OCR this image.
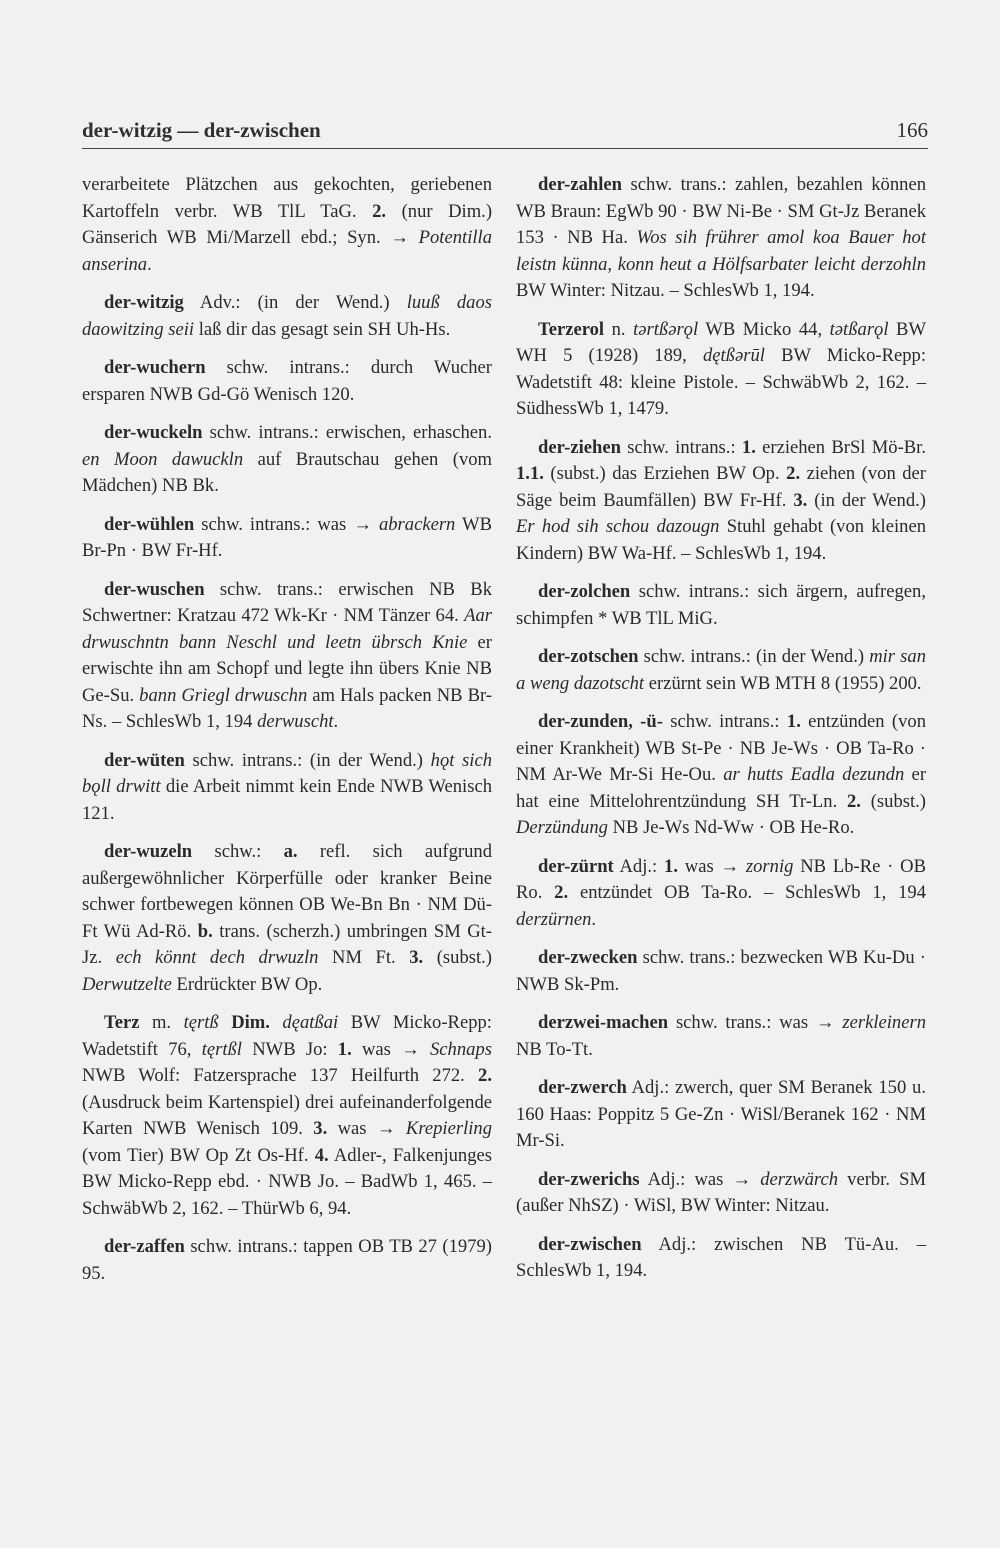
der-witzig — der-zwischen	166

verarbeitete Plätzchen aus gekochten, geriebenen Kartoffeln verbr. WB TlL TaG. 2. (nur Dim.) Gänserich WB Mi/Marzell ebd.; Syn. → Potentilla anserina.

der-witzig Adv.: (in der Wend.) luuß daos daowitzing seii laß dir das gesagt sein SH Uh-Hs.

der-wuchern schw. intrans.: durch Wucher ersparen NWB Gd-Gö Wenisch 120.

der-wuckeln schw. intrans.: erwischen, erhaschen. en Moon dawuckln auf Brautschau gehen (vom Mädchen) NB Bk.

der-wühlen schw. intrans.: was → abrackern WB Br-Pn · BW Fr-Hf.

der-wuschen schw. trans.: erwischen NB Bk Schwertner: Kratzau 472 Wk-Kr · NM Tänzer 64. Aar drwuschntn bann Neschl und leetn übrsch Knie er erwischte ihn am Schopf und legte ihn übers Knie NB Ge-Su. bann Griegl drwuschn am Hals packen NB Br-Ns. – SchlesWb 1, 194 derwuscht.

der-wüten schw. intrans.: (in der Wend.) hǫt sich bǫll drwitt die Arbeit nimmt kein Ende NWB Wenisch 121.

der-wuzeln schw.: a. refl. sich aufgrund außergewöhnlicher Körperfülle oder kranker Beine schwer fortbewegen können OB We-Bn Bn · NM Dü-Ft Wü Ad-Rö. b. trans. (scherzh.) umbringen SM Gt-Jz. ech könnt dech drwuzln NM Ft. 3. (subst.) Derwutzelte Erdrückter BW Op.

Terz m. tęrtß Dim. dęatßai BW Micko-Repp: Wadetstift 76, tęrtßl NWB Jo: 1. was → Schnaps NWB Wolf: Fatzersprache 137 Heilfurth 272. 2. (Ausdruck beim Kartenspiel) drei aufeinanderfolgende Karten NWB Wenisch 109. 3. was → Krepierling (vom Tier) BW Op Zt Os-Hf. 4. Adler-, Falkenjunges BW Micko-Repp ebd. · NWB Jo. – BadWb 1, 465. – SchwäbWb 2, 162. – ThürWb 6, 94.

der-zaffen schw. intrans.: tappen OB TB 27 (1979) 95.

der-zahlen schw. trans.: zahlen, bezahlen können WB Braun: EgWb 90 · BW Ni-Be · SM Gt-Jz Beranek 153 · NB Ha. Wos sih frührer amol koa Bauer hot leistn künna, konn heut a Hölfsarbater leicht derzohln BW Winter: Nitzau. – SchlesWb 1, 194.

Terzerol n. tərtßərǫl WB Micko 44, tətßarǫl BW WH 5 (1928) 189, dętßərūl BW Micko-Repp: Wadetstift 48: kleine Pistole. – SchwäbWb 2, 162. – SüdhessWb 1, 1479.

der-ziehen schw. intrans.: 1. erziehen BrSl Mö-Br. 1.1. (subst.) das Erziehen BW Op. 2. ziehen (von der Säge beim Baumfällen) BW Fr-Hf. 3. (in der Wend.) Er hod sih schou dazougn Stuhl gehabt (von kleinen Kindern) BW Wa-Hf. – SchlesWb 1, 194.

der-zolchen schw. intrans.: sich ärgern, aufregen, schimpfen * WB TlL MiG.

der-zotschen schw. intrans.: (in der Wend.) mir san a weng dazotscht erzürnt sein WB MTH 8 (1955) 200.

der-zunden, -ü- schw. intrans.: 1. entzünden (von einer Krankheit) WB St-Pe · NB Je-Ws · OB Ta-Ro · NM Ar-We Mr-Si He-Ou. ar hutts Eadla dezundn er hat eine Mittelohrentzündung SH Tr-Ln. 2. (subst.) Derzündung NB Je-Ws Nd-Ww · OB He-Ro.

der-zürnt Adj.: 1. was → zornig NB Lb-Re · OB Ro. 2. entzündet OB Ta-Ro. – SchlesWb 1, 194 derzürnen.

der-zwecken schw. trans.: bezwecken WB Ku-Du · NWB Sk-Pm.

derzwei-machen schw. trans.: was → zerkleinern NB To-Tt.

der-zwerch Adj.: zwerch, quer SM Beranek 150 u. 160 Haas: Poppitz 5 Ge-Zn · WiSl/Beranek 162 · NM Mr-Si.

der-zwerichs Adj.: was → derzwärch verbr. SM (außer NhSZ) · WiSl, BW Winter: Nitzau.

der-zwischen Adj.: zwischen NB Tü-Au. – SchlesWb 1, 194.
